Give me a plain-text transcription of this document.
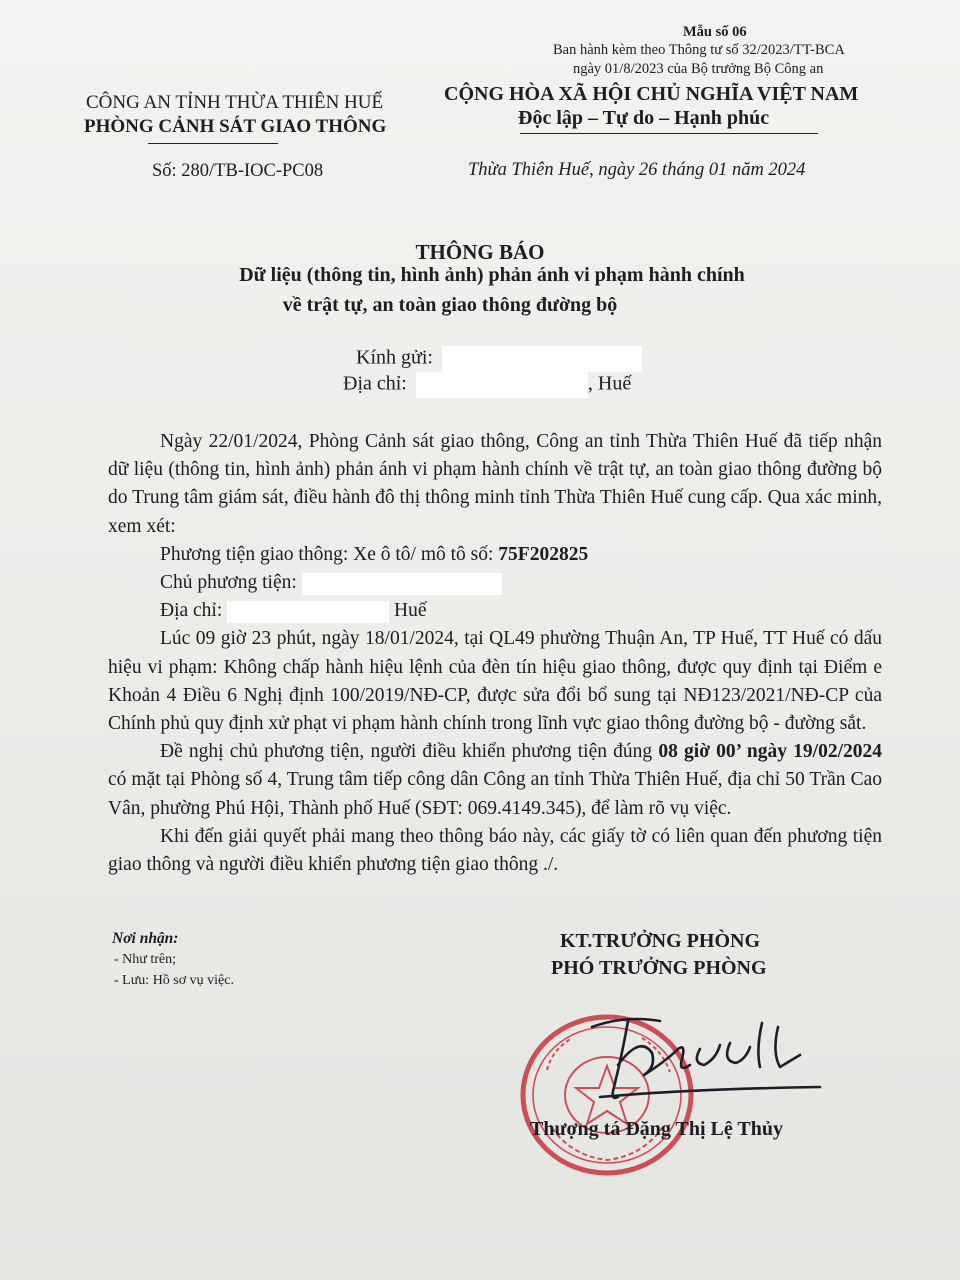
Mẫu số 06
Ban hành kèm theo Thông tư số 32/2023/TT-BCA
ngày 01/8/2023 của Bộ trưởng Bộ Công an
CÔNG AN TỈNH THỪA THIÊN HUẾ
PHÒNG CẢNH SÁT GIAO THÔNG
Số: 280/TB-IOC-PC08
CỘNG HÒA XÃ HỘI CHỦ NGHĨA VIỆT NAM
Độc lập – Tự do – Hạnh phúc
Thừa Thiên Huế, ngày 26 tháng 01 năm 2024
THÔNG BÁO
Dữ liệu (thông tin, hình ảnh) phản ánh vi phạm hành chính
về trật tự, an toàn giao thông đường bộ
Kính gửi:
Địa chỉ:	, Huế

Ngày 22/01/2024, Phòng Cảnh sát giao thông, Công an tỉnh Thừa Thiên Huế đã tiếp nhận dữ liệu (thông tin, hình ảnh) phản ánh vi phạm hành chính về trật tự, an toàn giao thông đường bộ do Trung tâm giám sát, điều hành đô thị thông minh tỉnh Thừa Thiên Huế cung cấp. Qua xác minh, xem xét:

Phương tiện giao thông: Xe ô tô/ mô tô số: 75F202825

Chủ phương tiện:

Địa chỉ:	Huế

Lúc 09 giờ 23 phút, ngày 18/01/2024, tại QL49 phường Thuận An, TP Huế, TT Huế có dấu hiệu vi phạm: Không chấp hành hiệu lệnh của đèn tín hiệu giao thông, được quy định tại Điểm e Khoản 4 Điều 6 Nghị định 100/2019/NĐ-CP, được sửa đổi bổ sung tại NĐ123/2021/NĐ-CP của Chính phủ quy định xử phạt vi phạm hành chính trong lĩnh vực giao thông đường bộ - đường sắt.

Đề nghị chủ phương tiện, người điều khiển phương tiện đúng 08 giờ 00’ ngày 19/02/2024 có mặt tại Phòng số 4, Trung tâm tiếp công dân Công an tỉnh Thừa Thiên Huế, địa chỉ 50 Trần Cao Vân, phường Phú Hội, Thành phố Huế (SĐT: 069.4149.345), để làm rõ vụ việc.

Khi đến giải quyết phải mang theo thông báo này, các giấy tờ có liên quan đến phương tiện giao thông và người điều khiển phương tiện giao thông ./.

Nơi nhận:
- Như trên;
- Lưu: Hồ sơ vụ việc.
KT.TRƯỞNG PHÒNG
PHÓ TRƯỞNG PHÒNG
Thượng tá Đặng Thị Lệ Thủy
